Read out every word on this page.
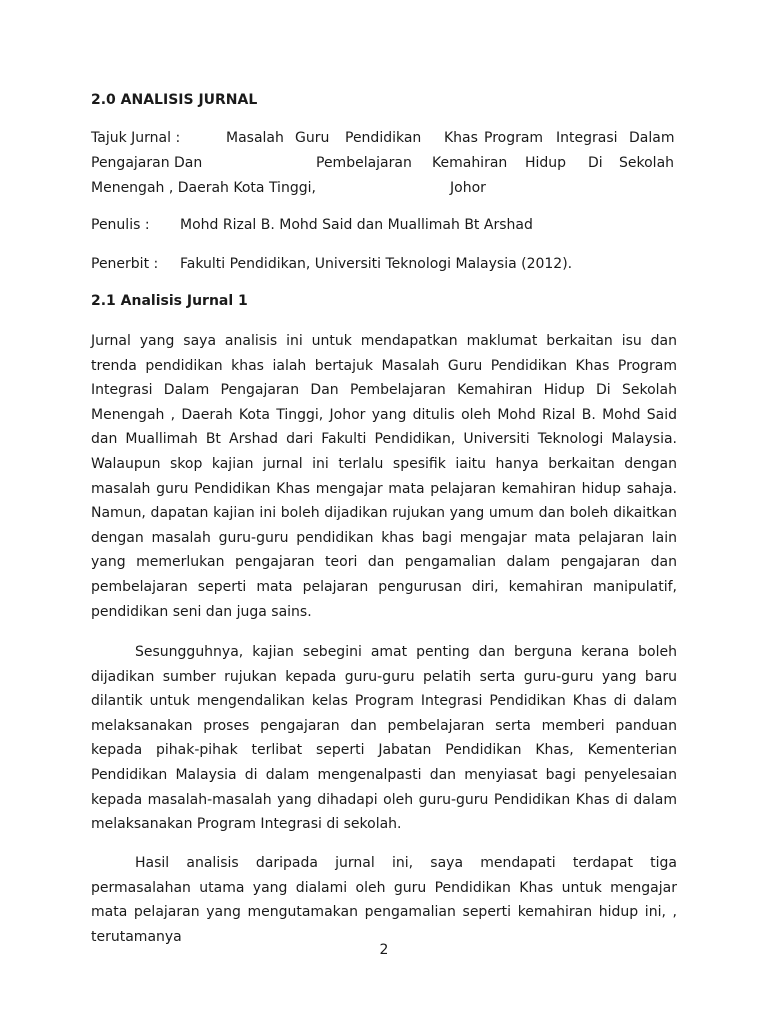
2.0 ANALISIS JURNAL
Tajuk Jurnal :	Masalah Guru Pendidikan Khas Program Integrasi Dalam
Pengajaran Dan	Pembelajaran Kemahiran Hidup Di Sekolah
Menengah , Daerah Kota Tinggi,	Johor
Penulis : Mohd Rizal B. Mohd Said dan Muallimah Bt Arshad
Penerbit : Fakulti Pendidikan, Universiti Teknologi Malaysia (2012).
2.1 Analisis Jurnal 1

Jurnal yang saya analisis ini untuk mendapatkan maklumat berkaitan isu dan trenda pendidikan khas ialah bertajuk Masalah Guru Pendidikan Khas Program Integrasi Dalam Pengajaran Dan Pembelajaran Kemahiran Hidup Di Sekolah Menengah , Daerah Kota Tinggi, Johor yang ditulis oleh Mohd Rizal B. Mohd Said dan Muallimah Bt Arshad dari Fakulti Pendidikan, Universiti Teknologi Malaysia. Walaupun skop kajian jurnal ini terlalu spesifik iaitu hanya berkaitan dengan masalah guru Pendidikan Khas mengajar mata pelajaran kemahiran hidup sahaja. Namun, dapatan kajian ini boleh dijadikan rujukan yang umum dan boleh dikaitkan dengan masalah guru-guru pendidikan khas bagi mengajar mata pelajaran lain yang memerlukan pengajaran teori dan pengamalian dalam pengajaran dan pembelajaran seperti mata pelajaran pengurusan diri, kemahiran manipulatif, pendidikan seni dan juga sains.

Sesungguhnya, kajian sebegini amat penting dan berguna kerana boleh dijadikan sumber rujukan kepada guru-guru pelatih serta guru-guru yang baru dilantik untuk mengendalikan kelas Program Integrasi Pendidikan Khas di dalam melaksanakan proses pengajaran dan pembelajaran serta memberi panduan kepada pihak-pihak terlibat seperti Jabatan Pendidikan Khas, Kementerian Pendidikan Malaysia di dalam mengenalpasti dan menyiasat bagi penyelesaian kepada masalah-masalah yang dihadapi oleh guru-guru Pendidikan Khas di dalam melaksanakan Program Integrasi di sekolah.

Hasil analisis daripada jurnal ini, saya mendapati terdapat tiga permasalahan utama yang dialami oleh guru Pendidikan Khas untuk mengajar mata pelajaran yang mengutamakan pengamalian seperti kemahiran hidup ini, , terutamanya

2
